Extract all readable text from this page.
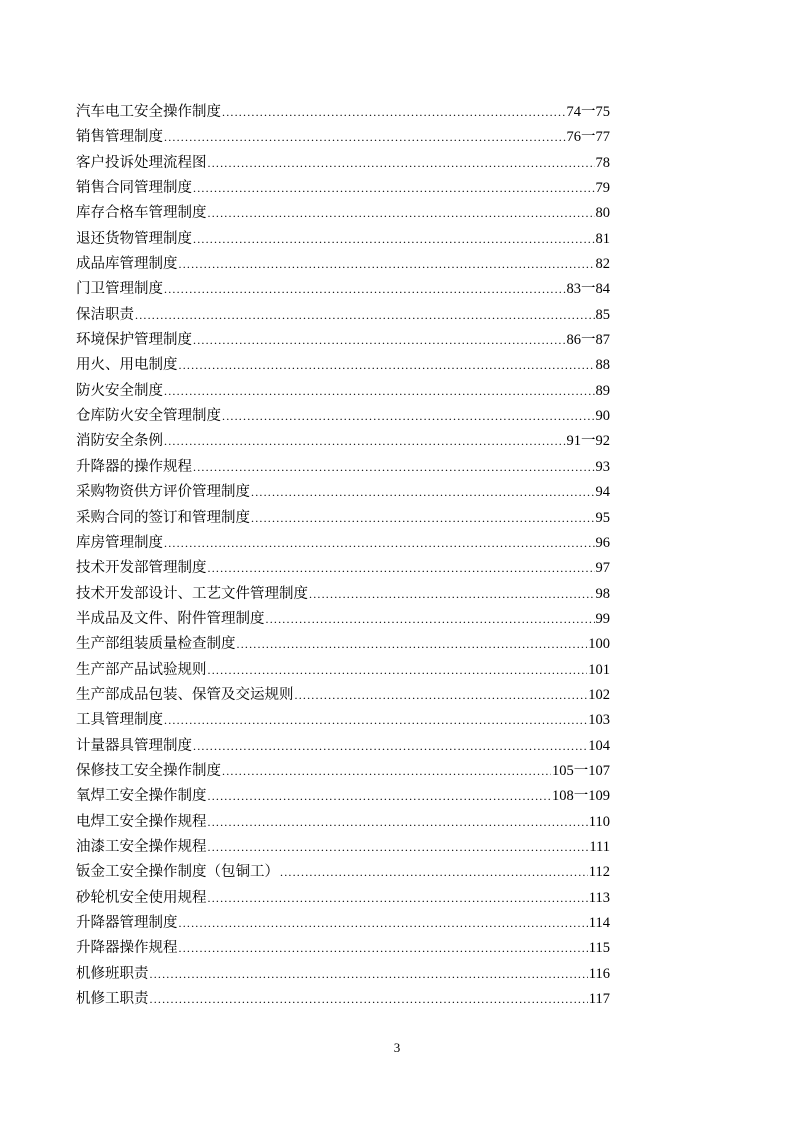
汽车电工安全操作制度 .....	74一75
销售管理制度 .....	76一77
客户投诉处理流程图 .....	78
销售合同管理制度 .....	79
库存合格车管理制度 .....	80
退还货物管理制度 .....	81
成品库管理制度 .....	82
门卫管理制度 .....	83一84
保洁职责 .....	85
环境保护管理制度 .....	86一87
用火、用电制度 .....	88
防火安全制度 .....	89
仓库防火安全管理制度 .....	90
消防安全条例 .....	91一92
升降器的操作规程 .....	93
采购物资供方评价管理制度 .....	94
采购合同的签订和管理制度 .....	95
库房管理制度 .....	96
技术开发部管理制度 .....	97
技术开发部设计、工艺文件管理制度 .....	98
半成品及文件、附件管理制度 .....	99
生产部组装质量检查制度 .....	100
生产部产品试验规则 .....	101
生产部成品包装、保管及交运规则 .....	102
工具管理制度 .....	103
计量器具管理制度 .....	104
保修技工安全操作制度 .....	105一107
氧焊工安全操作制度 .....	108一109
电焊工安全操作规程 .....	110
油漆工安全操作规程 .....	111
钣金工安全操作制度（包铜工） .....	112
砂轮机安全使用规程 .....	113
升降器管理制度 .....	114
升降器操作规程 .....	115
机修班职责 .....	116
机修工职责 .....	117
3
